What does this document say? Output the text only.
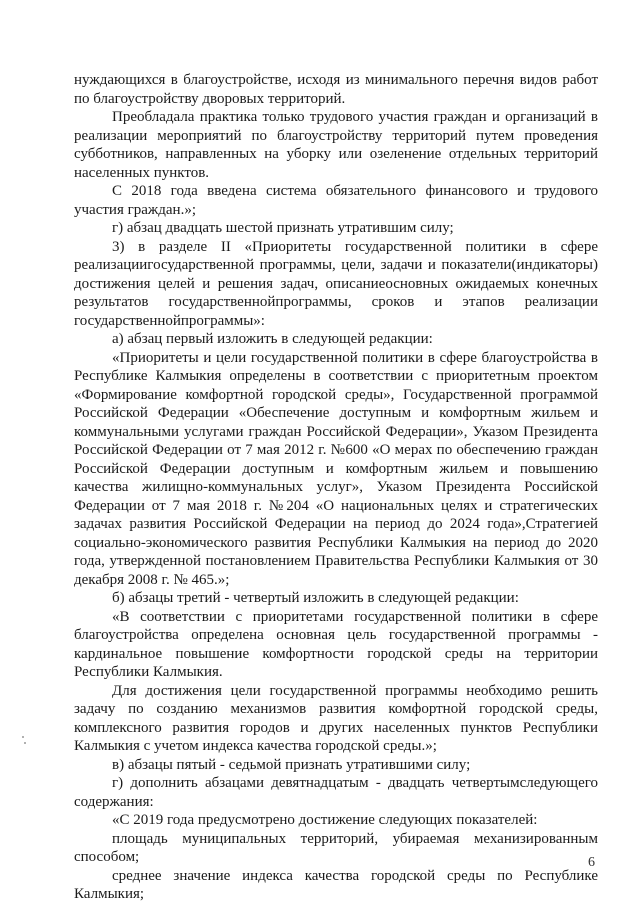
нуждающихся в благоустройстве, исходя из минимального перечня видов работ
по благоустройству дворовых территорий.

Преобладала практика только трудового участия граждан и организаций в
реализации мероприятий по благоустройству территорий путем проведения
субботников, направленных на уборку или озеленение отдельных территорий
населенных пунктов.

С 2018 года введена система обязательного финансового и трудового
участия граждан.»;

г) абзац двадцать шестой признать утратившим силу;

3) в разделе II «Приоритеты государственной политики в сфере
реализациигосударственной программы, цели, задачи и показатели(индикаторы)
достижения целей и решения задач, описаниеосновных ожидаемых конечных
результатов государственнойпрограммы, сроков и этапов реализации
государственнойпрограммы»:

а) абзац первый изложить в следующей редакции:

«Приоритеты и цели государственной политики в сфере благоустройства в
Республике Калмыкия определены в соответствии с приоритетным проектом
«Формирование комфортной городской среды», Государственной программой
Российской Федерации «Обеспечение доступным и комфортным жильем и
коммунальными услугами граждан Российской Федерации», Указом Президента
Российской Федерации от 7 мая 2012 г. №600 «О мерах по обеспечению граждан
Российской Федерации доступным и комфортным жильем и повышению
качества жилищно-коммунальных услуг», Указом Президента Российской
Федерации от 7 мая 2018 г. №204 «О национальных целях и стратегических
задачах развития Российской Федерации на период до 2024 года»,Стратегией
социально-экономического развития Республики Калмыкия на период до 2020
года, утвержденной постановлением Правительства Республики Калмыкия от 30
декабря 2008 г. № 465.»;

б) абзацы третий - четвертый изложить в следующей редакции:

«В соответствии с приоритетами государственной политики в сфере
благоустройства определена основная цель государственной программы -
кардинальное повышение комфортности городской среды на территории
Республики Калмыкия.

Для достижения цели государственной программы необходимо решить
задачу по созданию механизмов развития комфортной городской среды,
комплексного развития городов и других населенных пунктов Республики
Калмыкия с учетом индекса качества городской среды.»;

в) абзацы пятый - седьмой признать утратившими силу;

г) дополнить абзацами девятнадцатым - двадцать четвертымследующего
содержания:

«С 2019 года предусмотрено достижение следующих показателей:

площадь муниципальных территорий, убираемая механизированным
способом;

среднее значение индекса качества городской среды по Республике
Калмыкия;

6
